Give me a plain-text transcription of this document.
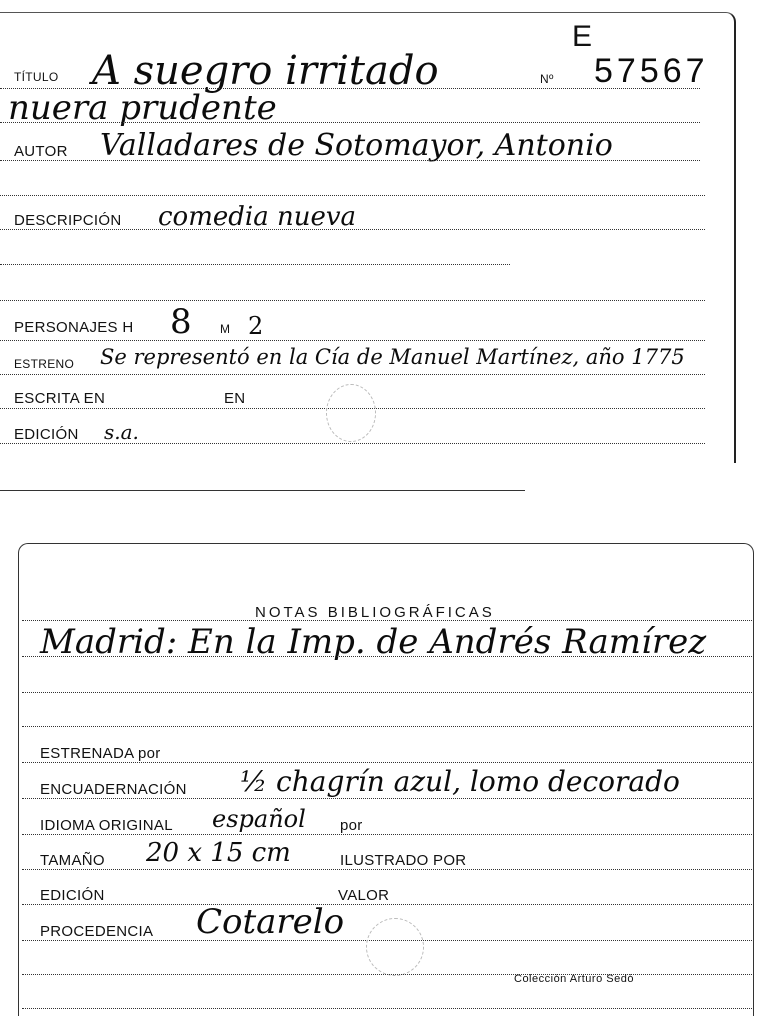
E
TÍTULO A suegro irritado	Nº 57567
nuera prudente
AUTOR Valladares de Sotomayor, Antonio
DESCRIPCIÓN comedia nueva
PERSONAJES H 8 M 2
ESTRENO Se representó en la Cía de Manuel Martínez, año 1775
ESCRITA EN	EN
EDICIÓN s.a.
NOTAS BIBLIOGRÁFICAS
Madrid: En la Imp. de Andrés Ramírez
ESTRENADA por
ENCUADERNACIÓN ½ chagrín azul, lomo decorado
IDIOMA ORIGINAL español por
TAMAÑO 20 x 15 cm	ILUSTRADO POR
EDICIÓN	VALOR
PROCEDENCIA Cotarelo
Colección Arturo Sedó
